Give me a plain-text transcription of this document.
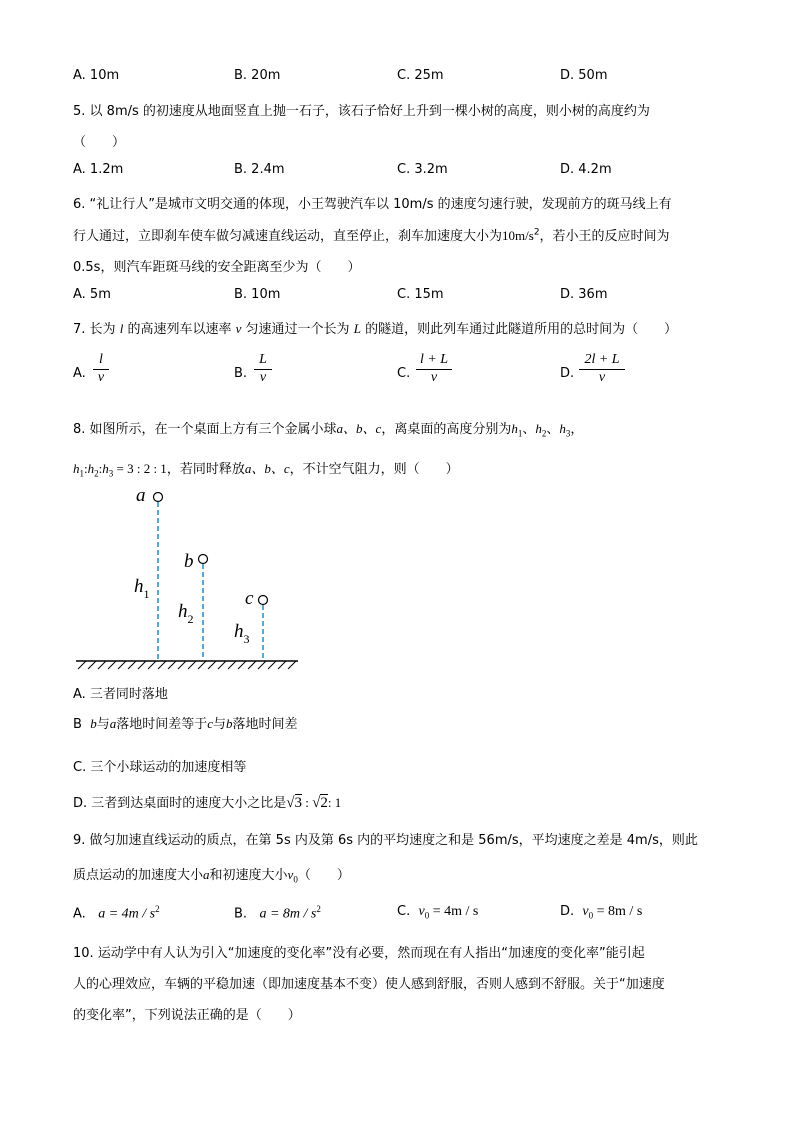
A. 10m	B. 20m	C. 25m	D. 50m
5. 以 8m/s 的初速度从地面竖直上抛一石子，该石子恰好上升到一棵小树的高度，则小树的高度约为
（　　）
A. 1.2m	B. 2.4m	C. 3.2m	D. 4.2m
6. “礼让行人”是城市文明交通的体现，小王驾驶汽车以 10m/s 的速度匀速行驶，发现前方的斑马线上有
行人通过，立即刹车使车做匀减速直线运动，直至停止，刹车加速度大小为$10m/s^2$，若小王的反应时间为
0.5s，则汽车距斑马线的安全距离至少为（　　）
A. 5m	B. 10m	C. 15m	D. 36m
7. 长为 l 的高速列车以速率 v 匀速通过一个长为 L 的隧道，则此列车通过此隧道所用的总时间为（　　）
A.
l
v	B.
L
v	C.
l + L
v	D.
2l + L
v
8. 如图所示，在一个桌面上方有三个金属小球a、b、c，离桌面的高度分别为$h_1$、$h_2$、$h_3$，
$h_1:h_2:h_3 = 3$ : 2 : 1，若同时释放a、b、c，不计空气阻力，则（　　）
a
b
c
$h_1$
$h_2$
$h_3$
A. 三者同时落地
B b与a落地时间差等于c与b落地时间差
C. 三个小球运动的加速度相等
D. 三者到达桌面时的速度大小之比是√3 : √2: 1
9. 做匀加速直线运动的质点，在第 5s 内及第 6s 内的平均速度之和是 56m/s，平均速度之差是 4m/s，则此
质点运动的加速度大小a和初速度大小$v_0$（　　）
A. $a = 4m / s^2$	B. $a = 8m / s^2$	C. $v_0 = 4m / s$	D. $v_0 = 8m / s$
10. 运动学中有人认为引入“加速度的变化率”没有必要，然而现在有人指出“加速度的变化率”能引起
人的心理效应，车辆的平稳加速（即加速度基本不变）使人感到舒服，否则人感到不舒服。关于“加速度
的变化率”，下列说法正确的是（　　）
